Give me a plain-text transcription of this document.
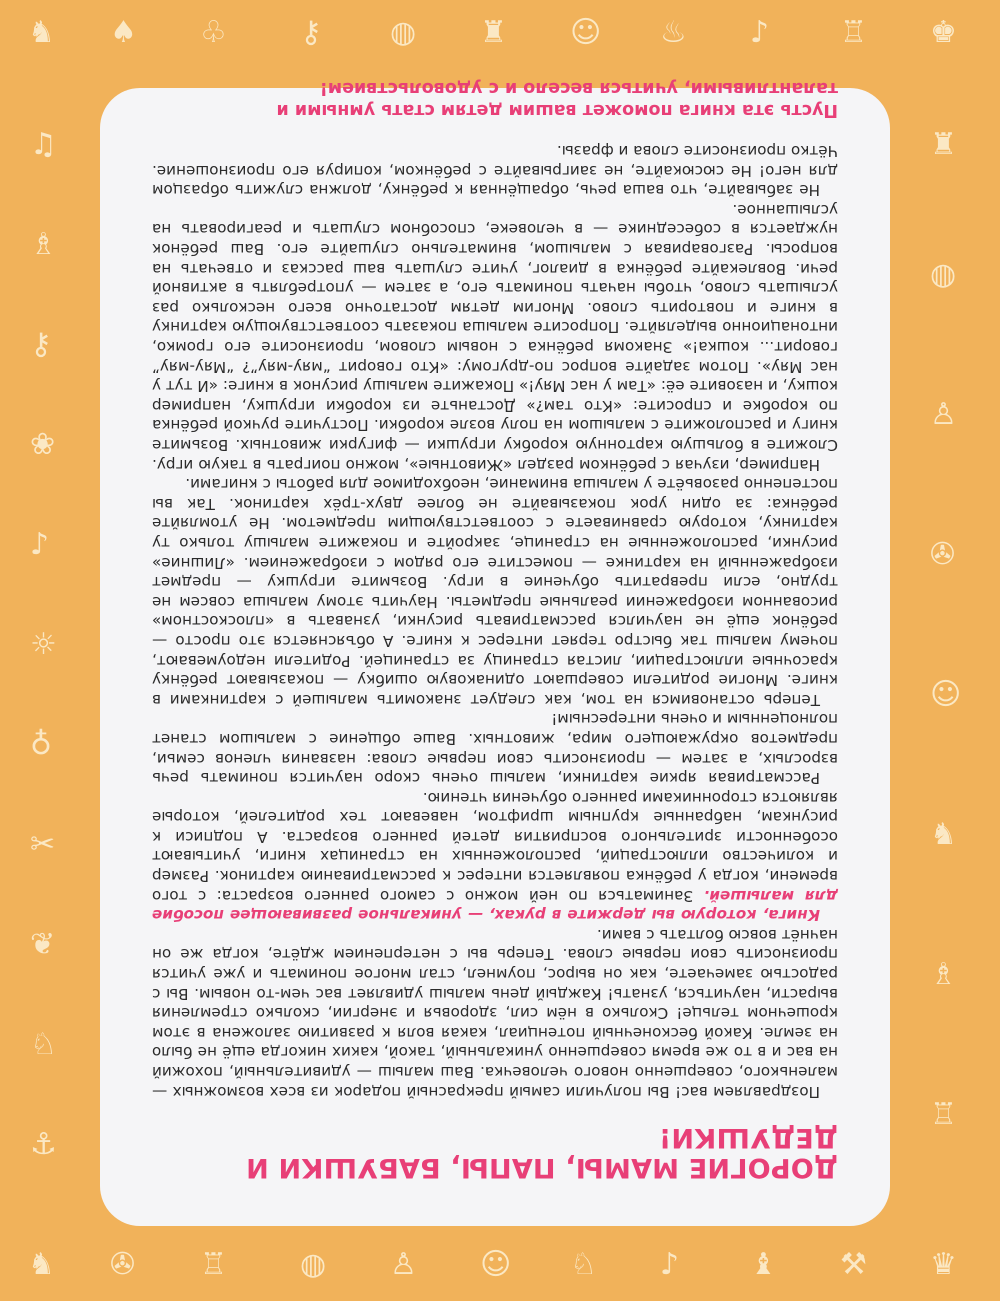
♞ ♠ ♧ ⚷ ◍ ♜ ☺ ♨ ♪ ♖ ♚
♞ ✇ ♖ ◍ ♙ ☺ ♘ ♪ ♝ ⚒ ♛
♫
♗
⚷
❀
♪
☼
♁
✂
❦
♘
⚓
♜
◍
♙
✇
☺
♞
♗
♖
ДОРОГИЕ МАМЫ, ПАПЫ, БАБУШКИ И ДЕДУШКИ!

Поздравляем вас! Вы получили самый прекрасный подарок из всех возможных — маленького, совершенно нового человечка. Ваш малыш — удивительный, похожий на вас и в то же время совершенно уникальный, такой, каких никогда ещё не было на земле. Какой бесконечный потенциал, какая воля к развитию заложена в этом крошечном тельце! Сколько в нём сил, здоровья и энергии, сколько стремления вырасти, научиться, узнать! Каждый день малыш удивляет вас чем-то новым. Вы с радостью замечаете, как он вырос, поумнел, стал многое понимать и уже учится произносить свои первые слова. Теперь вы с нетерпением ждёте, когда же он начнёт вовсю болтать с вами.

Книга, которую вы держите в руках, — уникальное развивающее пособие для малышей. Заниматься по ней можно с самого раннего возраста: с того времени, когда у ребёнка появляется интерес к рассматриванию картинок. Размер и количество иллюстраций, расположенных на страницах книги, учитывают особенности зрительного восприятия детей раннего возраста. А подписи к рисункам, набранные крупным шрифтом, навевают тех родителей, которые являются сторонниками раннего обучения чтению.

Рассматривая яркие картинки, малыш очень скоро научится понимать речь взрослых, а затем — произносить свои первые слова: названия членов семьи, предметов окружающего мира, животных. Ваше общение с малышом станет полноценным и очень интересным!

Теперь остановимся на том, как следует знакомить малышей с картинками в книге. Многие родители совершают одинаковую ошибку — показывают ребёнку красочные иллюстрации, листая страницу за страницей. Родители недоумевают, почему малыш так быстро теряет интерес к книге. А объясняется это просто — ребёнок ещё не научился рассматривать рисунки, узнавать в «плоскостном» рисованном изображении реальные предметы. Научить этому малыша совсем не трудно, если превратить обучение в игру. Возьмите игрушку — предмет изображенный на картинке — поместите его рядом с изображением. «Лишние» рисунки, расположенные на странице, закройте и покажите малышу только ту картинку, которую сравниваете с соответствующим предметом. Не утомляйте ребёнка: за один урок показывайте не более двух-трёх картинок. Так вы постепенно разовьёте у малыша внимание, необходимое для работы с книгами.

Например, изучая с ребёнком раздел «Животные», можно поиграть в такую игру. Сложите в большую картонную коробку игрушки — фигурки животных. Возьмите книгу и расположите с малышом на полу возле коробки. Постучите ручкой ребёнка по коробке и спросите: «Кто там?» Достаньте из коробки игрушку, например кошку, и назовите её: «Там у нас Мяу!» Покажите малышу рисунок в книге: «И тут у нас Мяу». Потом задайте вопрос по-другому: «Кто говорит “мяу-мяу”? “Мяу-мяу” говорит... кошка!» Знакомя ребёнка с новым словом, произносите его громко, интонационно выделяйте. Попросите малыша показать соответствующую картинку в книге и повторить слово. Многим детям достаточно всего несколько раз услышать слово, чтобы начать понимать его, а затем — употреблять в активной речи. Вовлекайте ребёнка в диалог, учите слушать ваш рассказ и отвечать на вопросы. Разговаривая с малышом, внимательно слушайте его. Ваш ребёнок нуждается в собеседнике — в человеке, способном слушать и реагировать на услышанное.

Не забывайте, что ваша речь, обращённая к ребёнку, должна служить образцом для него! Не сюсюкайте, не заигрывайте с ребёнком, копируя его произношение. Чётко произносите слова и фразы.

Пусть эта книга поможет вашим детям стать умными и талантливыми, учиться весело и с удовольствием!
